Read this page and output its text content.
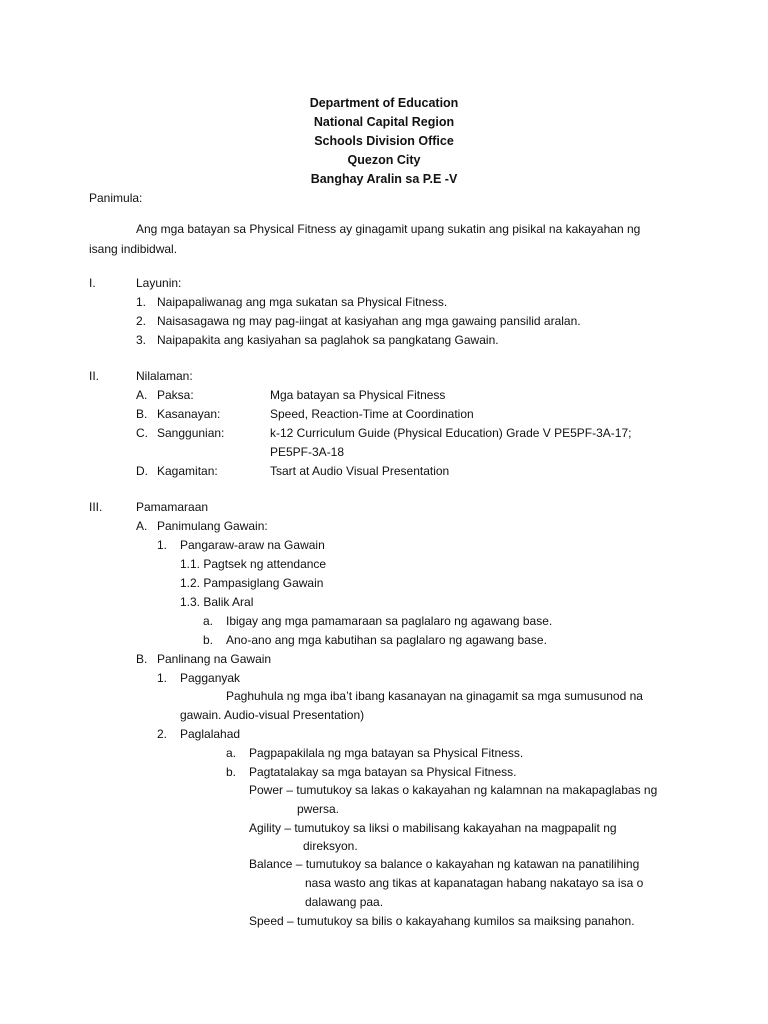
Department of Education
National Capital Region
Schools Division Office
Quezon City
Banghay Aralin sa P.E -V
Panimula:
Ang mga batayan sa Physical Fitness ay ginagamit upang sukatin ang pisikal na kakayahan ng
isang indibidwal.
I.	Layunin:
1. Naipapaliwanag ang mga sukatan sa Physical Fitness.
2. Naisasagawa ng may pag-iingat at kasiyahan ang mga gawaing pansilid aralan.
3. Naipapakita ang kasiyahan sa paglahok sa pangkatang Gawain.
II.	Nilalaman:
A. Paksa:	Mga batayan sa Physical Fitness
B. Kasanayan:	Speed, Reaction-Time at Coordination
C. Sanggunian:	k-12 Curriculum Guide (Physical Education) Grade V PE5PF-3A-17;
PE5PF-3A-18
D. Kagamitan:	Tsart at Audio Visual Presentation
III.	Pamamaraan
A. Panimulang Gawain:
1. Pangaraw-araw na Gawain
1.1. Pagtsek ng attendance
1.2. Pampasiglang Gawain
1.3. Balik Aral
a. Ibigay ang mga pamamaraan sa paglalaro ng agawang base.
b. Ano-ano ang mga kabutihan sa paglalaro ng agawang base.
B. Panlinang na Gawain
1. Pagganyak
Paghuhula ng mga iba’t ibang kasanayan na ginagamit sa mga sumusunod na
gawain. Audio-visual Presentation)
2. Paglalahad
a. Pagpapakilala ng mga batayan sa Physical Fitness.
b. Pagtatalakay sa mga batayan sa Physical Fitness.
Power – tumutukoy sa lakas o kakayahan ng kalamnan na makapaglabas ng
pwersa.
Agility – tumutukoy sa liksi o mabilisang kakayahan na magpapalit ng
direksyon.
Balance – tumutukoy sa balance o kakayahan ng katawan na panatilihing
nasa wasto ang tikas at kapanatagan habang nakatayo sa isa o
dalawang paa.
Speed – tumutukoy sa bilis o kakayahang kumilos sa maiksing panahon.
